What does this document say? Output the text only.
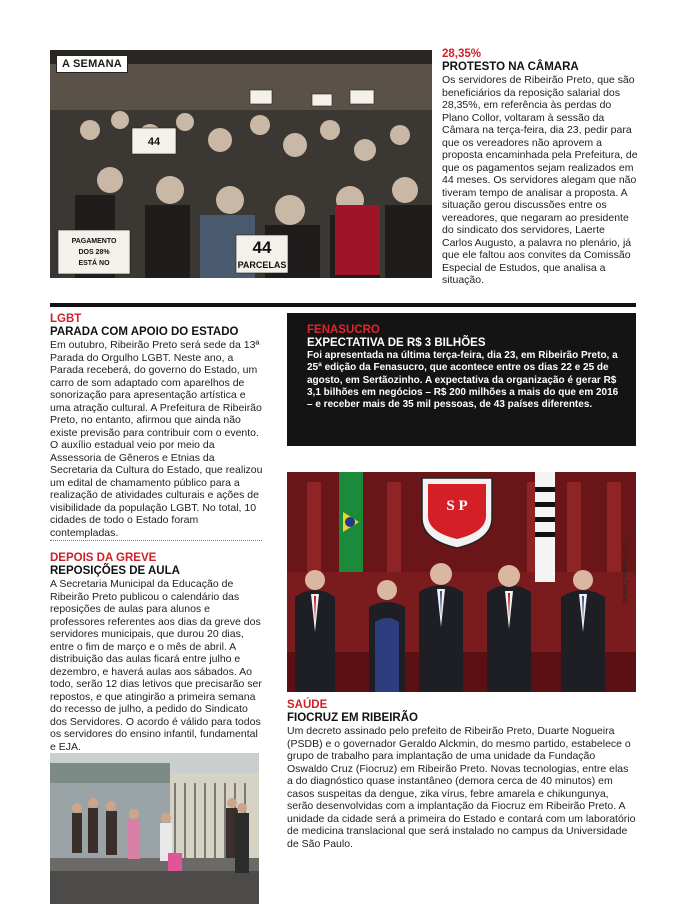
44
PARCELAS
PAGAMENTO
DOS 28%
ESTÁ NO
44
A SEMANA
Foto: Silvia Morelli
28,35%
PROTESTO NA CÂMARA
Os servidores de Ribeirão Preto, que são beneficiários da reposição salarial dos 28,35%, em referência às perdas do Plano Collor, voltaram à sessão da Câmara na terça-feira, dia 23, pedir para que os vereadores não aprovem a proposta encaminhada pela Prefeitura, de que os pagamentos sejam realizados em 44 meses. Os servidores alegam que não tiveram tempo de analisar a proposta. A situação gerou discussões entre os vereadores, que negaram ao presidente do sindicato dos servidores, Laerte Carlos Augusto, a palavra no plenário, já que ele faltou aos convites da Comissão Especial de Estudos, que analisa a situação.
LGBT
PARADA COM APOIO DO ESTADO
Em outubro, Ribeirão Preto será sede da 13ª Parada do Orgulho LGBT. Neste ano, a Parada receberá, do governo do Estado, um carro de som adaptado com aparelhos de sonorização para apresentação artística e uma atração cultural. A Prefeitura de Ribeirão Preto, no entanto, afirmou que ainda não existe previsão para contribuir com o evento. O auxílio estadual veio por meio da Assessoria de Gêneros e Etnias da Secretaria da Cultura do Estado, que realizou um edital de chamamento público para a realização de atividades culturais e ações de visibilidade da população LGBT. No total, 10 cidades de todo o Estado foram contempladas.
DEPOIS DA GREVE
REPOSIÇÕES DE AULA
A Secretaria Municipal da Educação de Ribeirão Preto publicou o calendário das reposições de aulas para alunos e professores referentes aos dias da greve dos servidores municipais, que durou 20 dias, entre o fim de março e o mês de abril. A distribuição das aulas ficará entre julho e dezembro, e haverá aulas aos sábados. Ao todo, serão 12 dias letivos que precisarão ser repostos, e que atingirão a primeira semana do recesso de julho, a pedido do Sindicato dos Servidores. O acordo é válido para todos os servidores do ensino infantil, fundamental e EJA.
FENASUCRO
EXPECTATIVA DE R$ 3 BILHÕES
Foi apresentada na última terça-feira, dia 23, em Ribeirão Preto, a 25ª edição da Fenasucro, que acontece entre os dias 22 e 25 de agosto, em Sertãozinho. A expectativa da organização é gerar R$ 3,1 bilhões em negócios – R$ 200 milhões a mais do que em 2016 – e receber mais de 35 mil pessoas, de 43 países diferentes.
S P
Foto: Rubens Chiarotto
SAÚDE
FIOCRUZ EM RIBEIRÃO
Um decreto assinado pelo prefeito de Ribeirão Preto, Duarte Nogueira (PSDB) e o governador Geraldo Alckmin, do mesmo partido, estabelece o grupo de trabalho para implantação de uma unidade da Fundação Oswaldo Cruz (Fiocruz) em Ribeirão Preto. Novas tecnologias, entre elas a do diagnóstico quase instantâneo (demora cerca de 40 minutos) em casos suspeitas da dengue, zika vírus, febre amarela e chikungunya, serão desenvolvidas com a implantação da Fiocruz em Ribeirão Preto. A unidade da cidade será a primeira do Estado e contará com um laboratório de medicina translacional que será instalado no campus da Universidade de São Paulo.
